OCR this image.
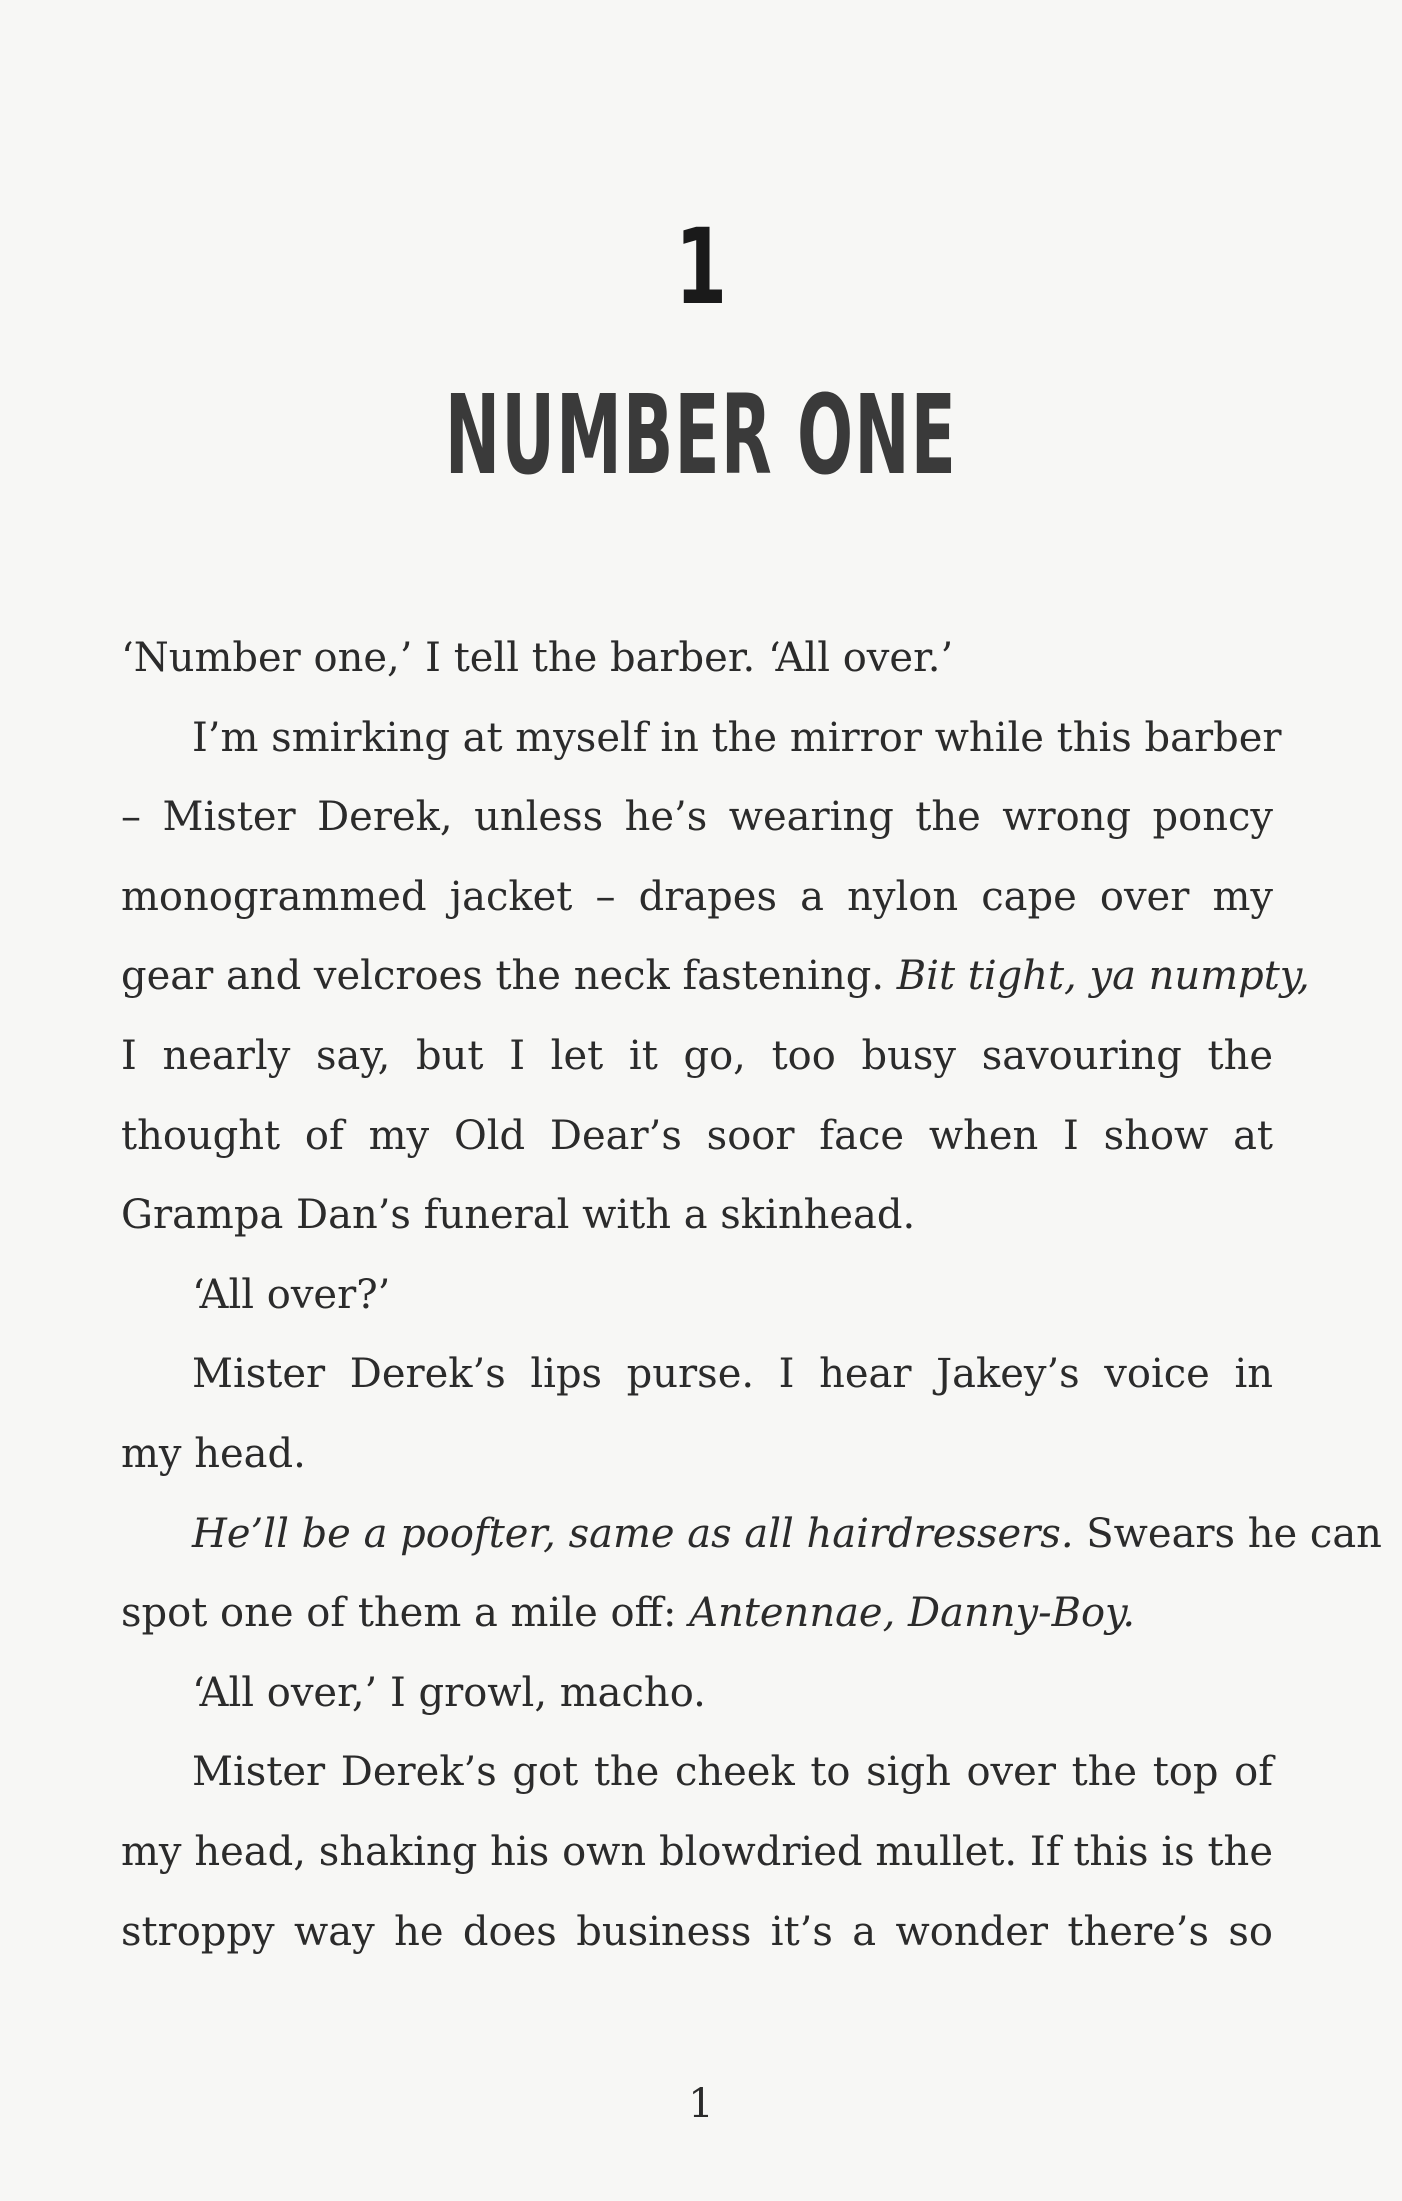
1
NUMBER ONE
‘Number one,’ I tell the barber. ‘All over.’
I’m smirking at myself in the mirror while this barber
– Mister Derek, unless he’s wearing the wrong poncy
monogrammed jacket – drapes a nylon cape over my
gear and velcroes the neck fastening. Bit tight, ya numpty,
I nearly say, but I let it go, too busy savouring the
thought of my Old Dear’s soor face when I show at
Grampa Dan’s funeral with a skinhead.
‘All over?’
Mister Derek’s lips purse. I hear Jakey’s voice in
my head.
He’ll be a poofter, same as all hairdressers. Swears he can
spot one of them a mile off: Antennae, Danny-Boy.
‘All over,’ I growl, macho.
Mister Derek’s got the cheek to sigh over the top of
my head, shaking his own blowdried mullet. If this is the
stroppy way he does business it’s a wonder there’s so
1
